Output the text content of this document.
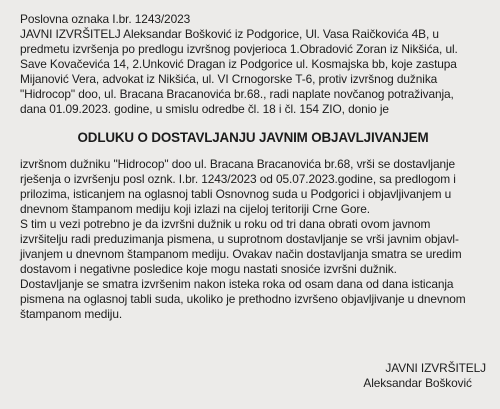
Poslovna oznaka I.br. 1243/2023
JAVNI IZVRŠITELJ Aleksandar Bošković iz Podgorice, Ul. Vasa Raičkovića 4B, u
predmetu izvršenja po predlogu izvršnog povjerioca 1.Obradović Zoran iz Nikšića, ul.
Save Kovačevića 14, 2.Unković Dragan iz Podgorice ul. Kosmajska bb, koje zastupa
Mijanović Vera, advokat iz Nikšića, ul. VI Crnogorske T-6, protiv izvršnog dužnika
"Hidrocop" doo, ul. Bracana Bracanovića br.68., radi naplate novčanog potraživanja,
dana 01.09.2023. godine, u smislu odredbe čl. 18 i čl. 154 ZIO, donio je
ODLUKU O DOSTAVLJANJU JAVNIM OBJAVLJIVANJEM
izvršnom dužniku "Hidrocop" doo ul. Bracana Bracanovića br.68, vrši se dostavljanje
rješenja o izvršenju posl oznk. I.br. 1243/2023 od 05.07.2023.godine, sa predlogom i
prilozima, isticanjem na oglasnoj tabli Osnovnog suda u Podgorici i objavljivanjem u
dnevnom štampanom mediju koji izlazi na cijeloj teritoriji Crne Gore.
S tim u vezi potrebno je da izvršni dužnik u roku od tri dana obrati ovom javnom
izvršitelju radi preduzimanja pismena, u suprotnom dostavljanje se vrši javnim objavl-
jivanjem u dnevnom štampanom mediju. Ovakav način dostavljanja smatra se uredim
dostavom i negativne posledice koje mogu nastati snosiće izvršni dužnik.
Dostavljanje se smatra izvršenim nakon isteka roka od osam dana od dana isticanja
pismena na oglasnoj tabli suda, ukoliko je prethodno izvršeno objavljivanje u dnevnom
štampanom mediju.
JAVNI IZVRŠITELJ
Aleksandar Bošković
